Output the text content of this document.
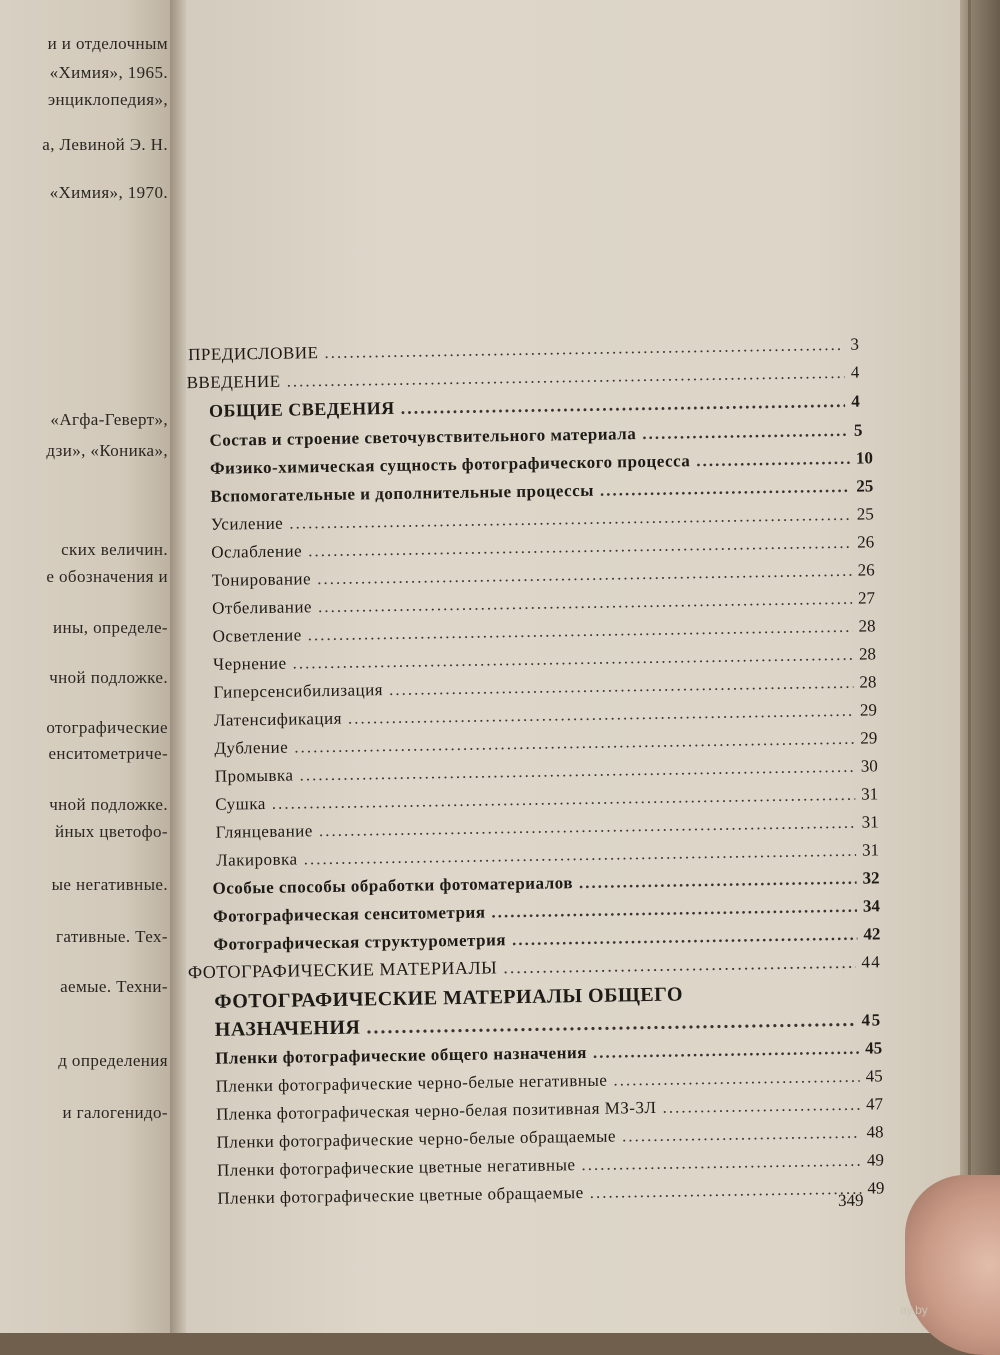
и и отделочным
«Химия», 1965.
энциклопедия»,
а, Левиной Э. Н.
«Химия», 1970.
«Агфа-Геверт»,
дзи», «Коника»,
ских величин.
е обозначения и
ины, определе-
чной подложке.
отографические
енситометриче-
чной подложке.
йных цветофо-
ые негативные.
гативные. Тех-
аемые. Техни-
д определения
и галогенидо-
ПРЕДИСЛОВИЕ .....	3
ВВЕДЕНИЕ .....	4
ОБЩИЕ СВЕДЕНИЯ .....	4
Состав и строение светочувствительного материала .....	5
Физико-химическая сущность фотографического процесса .....	10
Вспомогательные и дополнительные процессы .....	25
Усиление .....	25
Ослабление .....	26
Тонирование .....	26
Отбеливание .....	27
Осветление .....	28
Чернение .....	28
Гиперсенсибилизация .....	28
Латенсификация .....	29
Дубление .....	29
Промывка .....	30
Сушка .....	31
Глянцевание .....	31
Лакировка .....	31
Особые способы обработки фотоматериалов .....	32
Фотографическая сенситометрия .....	34
Фотографическая структурометрия .....	42
ФОТОГРАФИЧЕСКИЕ МАТЕРИАЛЫ .....	44
ФОТОГРАФИЧЕСКИЕ МАТЕРИАЛЫ ОБЩЕГО
НАЗНАЧЕНИЯ .....	45
Пленки фотографические общего назначения .....	45
Пленки фотографические черно-белые негативные .....	45
Пленка фотографическая черно-белая позитивная МЗ-3Л .....	47
Пленки фотографические черно-белые обращаемые .....	48
Пленки фотографические цветные негативные .....	49
Пленки фотографические цветные обращаемые .....	49
349
ay.by
